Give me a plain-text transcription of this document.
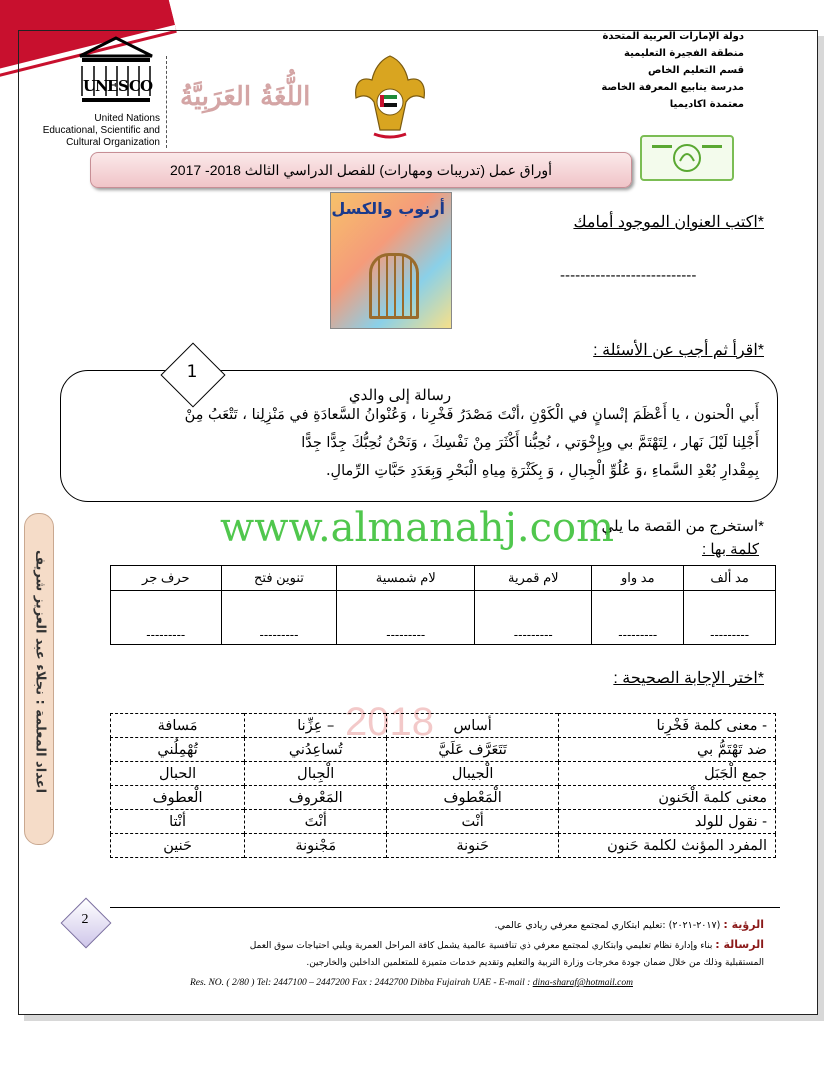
دولة الإمارات العربية المتحدة
منطقة الفجيرة التعليمية
قسم التعليم الخاص
مدرسة ينابيع المعرفة الخاصة
معتمدة اكاديميا
U
N
E S C O
United Nations
Educational, Scientific and
Cultural Organization
اللُّغَةُ العَرَبِيَّةُ
أوراق عمل (تدريبات ومهارات) للفصل الدراسي الثالث 2018- 2017
*اكتب العنوان الموجود أمامك
---------------------------
أرنوب والكسل
*اقرأ ثم أجب عن الأسئلة :
1
رسالة إلى والدي
أَبي الْحنون ، يا أَعْظَمَ إنْسانٍ في الْكَوْنِ ،أنْتَ مَصْدَرُ فَخْرِنا ، وَعُنْوانُ السَّعادَةِ في مَنْزِلِنا ، تَتْعَبُ مِنْ
أَجْلِنا لَيْلَ نَهار ، لِتَهْتَمَّ بي وبِإِخْوَتي ، نُحِبُّنا أَكْثَرَ مِنْ نَفْسِكَ ، وَنَحْنُ نُحِبُّكَ جِدًّا جِدًّا
بِمِقْدارِ بُعْدِ السَّماءِ ،وَ عُلُوِّ الْجِبالِ ، وَ بِكَثْرَةِ مِياهِ الْبَحْرِ وَبِعَدَدِ حَبَّاتِ الرِّمالِ.
2018
*استخرج من القصة ما يلي :
كلمة بها :
www.almanahj.com
مد ألف	مد واو	لام قمرية	لام شمسية	تنوين فتح	حرف جر
---------	---------	---------	---------	---------	---------
*اختر الإجابة الصحيحة :
- معنى كلمة فَخْرِنا	أساس	– عِزِّنا	مَسافة
ضد تَهْتَمُّ بي	تَتَعَرَّف عَلَيَّ	تُساعِدُني	تُهْمِلُني
جمع الْجَبَل	الْجيبال	الْجِبال	الحبال
معنى كلمة الْحَنون	الْمَعْطوف	المَعْروف	الْعطوف
- نقول للولد	أنْت	أنْتَ	أنْتا
المفرد المؤنث لكلمة حَنون	حَنونة	مَجْنونة	حَنين
اعداد المعلمة : نجلاء عبد العزيز شريف
2	الرؤية : (٢٠١٧-٢٠٢١) :تعليم ابتكاري لمجتمع معرفي ريادي عالمي.
الرسالة : بناء وإدارة نظام تعليمي وابتكاري لمجتمع معرفي ذي تنافسية عالمية يشمل كافة المراحل العمرية ويلبي احتياجات سوق العمل
المستقبلية وذلك من خلال ضمان جودة مخرجات وزارة التربية والتعليم وتقديم خدمات متميزة للمتعلمين الداخلين والخارجين.
Res. NO. ( 2/80 ) Tel: 2447100 – 2447200 Fax : 2442700 Dibba Fujairah UAE - E-mail : dina-sharaf@hotmail.com
